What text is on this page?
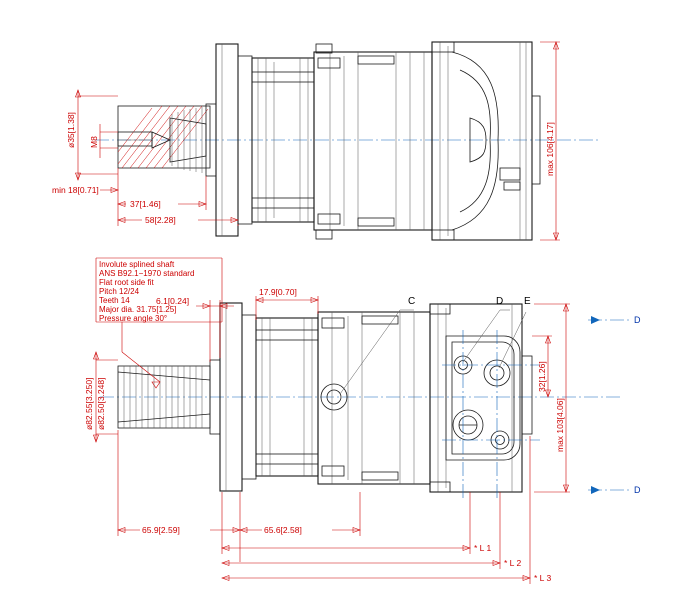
ø35[1.38] M8
min 18[0.71]
37[1.46]
58[2.28]
max 106[4.17]
Involute splined shaft
ANS B92.1−1970 standard
Flat root side fit
Pitch 12/24
Teeth 14
Major dia. 31.75[1.25]
Pressure angle 30°
ø82.55[3.250] ø82.50[3.248]
6.1[0.24]
17.9[0.70]
32[1.26]
max 103[4.06]
65.9[2.59]	65.6[2.58]
* L 1
* L 2
* L 3
C	D E
D
D
